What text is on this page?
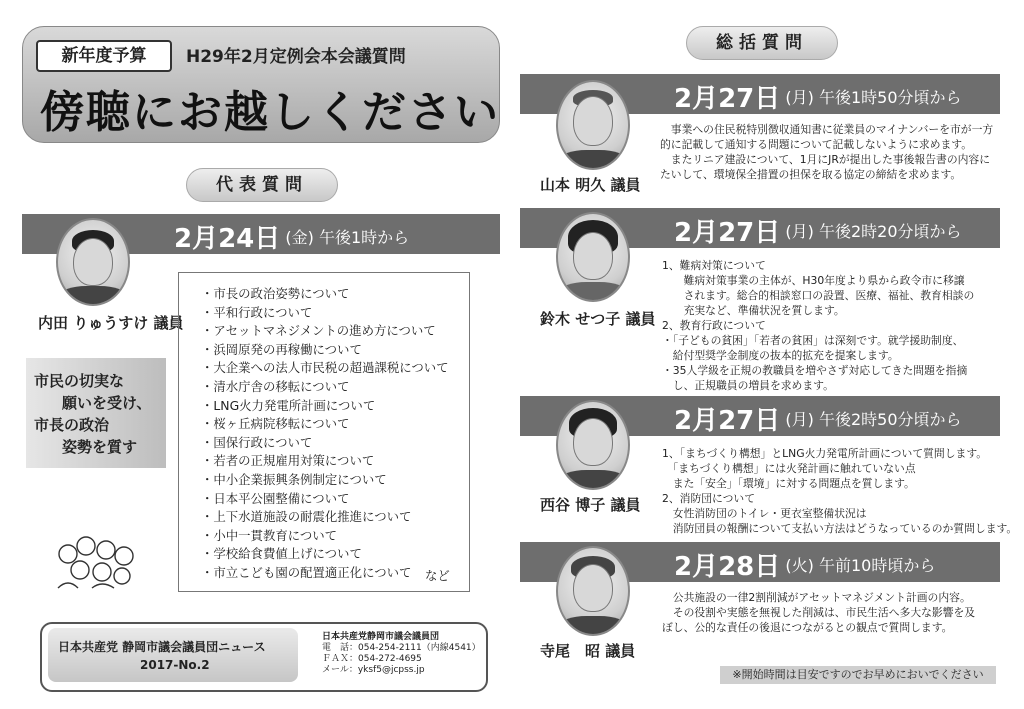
新年度予算	H29年2月定例会本会議質問
傍聴にお越しください
代表質問
2月24日 (金) 午後1時から
内田 りゅうすけ 議員
市民の切実な
願いを受け、
市長の政治
姿勢を質す
・市長の政治姿勢について
・平和行政について
・アセットマネジメントの進め方について
・浜岡原発の再稼働について
・大企業への法人市民税の超過課税について
・清水庁舎の移転について
・LNG火力発電所計画について
・桜ヶ丘病院移転について
・国保行政について
・若者の正規雇用対策について
・中小企業振興条例制定について
・日本平公園整備について
・上下水道施設の耐震化推進について
・小中一貫教育について
・学校給食費値上げについて
・市立こども園の配置適正化について	など
日本共産党 静岡市議会議員団ニュース
2017-No.2
日本共産党静岡市議会議員団
電　話：054-254-2111（内線4541）
ＦＡＸ：054-272-4695
メール：yksf5@jcpss.jp
総括質問
2月27日 (月) 午後1時50分頃から
山本 明久 議員
　事業への住民税特別徴収通知書に従業員のマイナンバーを市が一方
的に記載して通知する問題について記載しないように求めます。
　またリニア建設について、1月にJRが提出した事後報告書の内容に
たいして、環境保全措置の担保を取る協定の締結を求めます。
2月27日 (月) 午後2時20分頃から
鈴木 せつ子 議員
1、難病対策について
　　難病対策事業の主体が、H30年度より県から政令市に移譲
　　されます。総合的相談窓口の設置、医療、福祉、教育相談の
　　充実など、準備状況を質します。
2、教育行政について
・「子どもの貧困」「若者の貧困」は深刻です。就学援助制度、
　給付型奨学金制度の抜本的拡充を提案します。
・35人学級を正規の教職員を増やさず対応してきた問題を指摘
　し、正規職員の増員を求めます。
2月27日 (月) 午後2時50分頃から
西谷 博子 議員
1、「まちづくり構想」とLNG火力発電所計画について質問します。
　「まちづくり構想」には火発計画に触れていない点
　また「安全」「環境」に対する問題点を質します。
2、消防団について
　女性消防団のトイレ・更衣室整備状況は
　消防団員の報酬について支払い方法はどうなっているのか質問します。
2月28日 (火) 午前10時頃から
寺尾　昭 議員
　公共施設の一律2割削減がアセットマネジメント計画の内容。
　その役割や実態を無視した削減は、市民生活へ多大な影響を及
ぼし、公的な責任の後退につながるとの観点で質問します。
※開始時間は目安ですのでお早めにおいでください
